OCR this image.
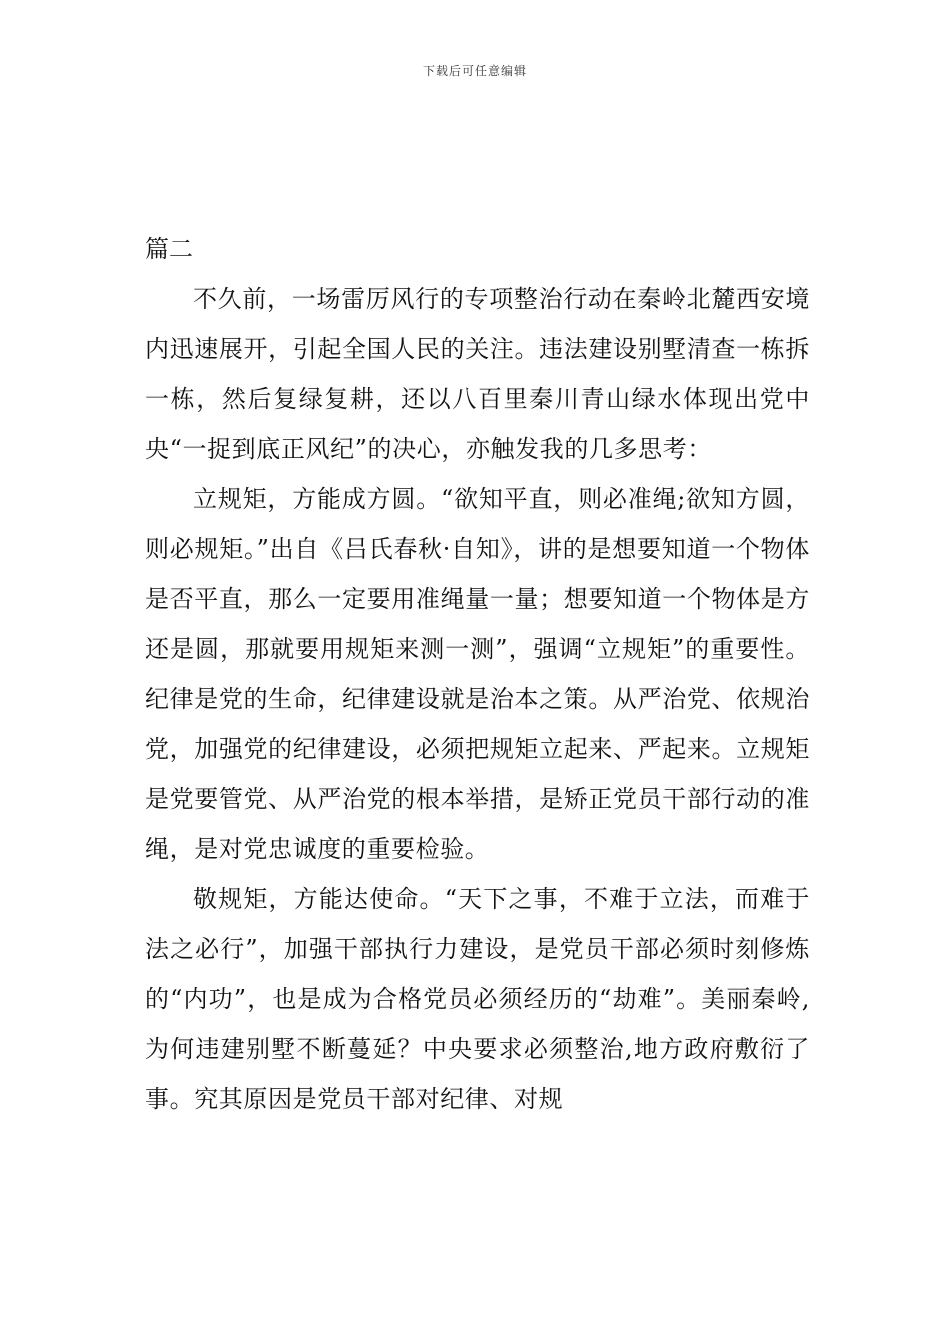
下载后可任意编辑
篇二

不久前，一场雷厉风行的专项整治行动在秦岭北麓西安境内迅速展开，引起全国人民的关注。违法建设别墅清查一栋拆一栋，然后复绿复耕，还以八百里秦川青山绿水体现出党中央“一捉到底正风纪”的决心，亦触发我的几多思考：

立规矩，方能成方圆。“欲知平直，则必准绳;欲知方圆，则必规矩。”出自《吕氏春秋·自知》，讲的是想要知道一个物体是否平直，那么一定要用准绳量一量；想要知道一个物体是方还是圆，那就要用规矩来测一测”，强调“立规矩”的重要性。纪律是党的生命，纪律建设就是治本之策。从严治党、依规治党，加强党的纪律建设，必须把规矩立起来、严起来。立规矩是党要管党、从严治党的根本举措，是矫正党员干部行动的准绳，是对党忠诚度的重要检验。

敬规矩，方能达使命。“天下之事，不难于立法，而难于法之必行”，加强干部执行力建设，是党员干部必须时刻修炼的“内功”，也是成为合格党员必须经历的“劫难”。美丽秦岭,为何违建别墅不断蔓延？中央要求必须整治,地方政府敷衍了事。究其原因是党员干部对纪律、对规
